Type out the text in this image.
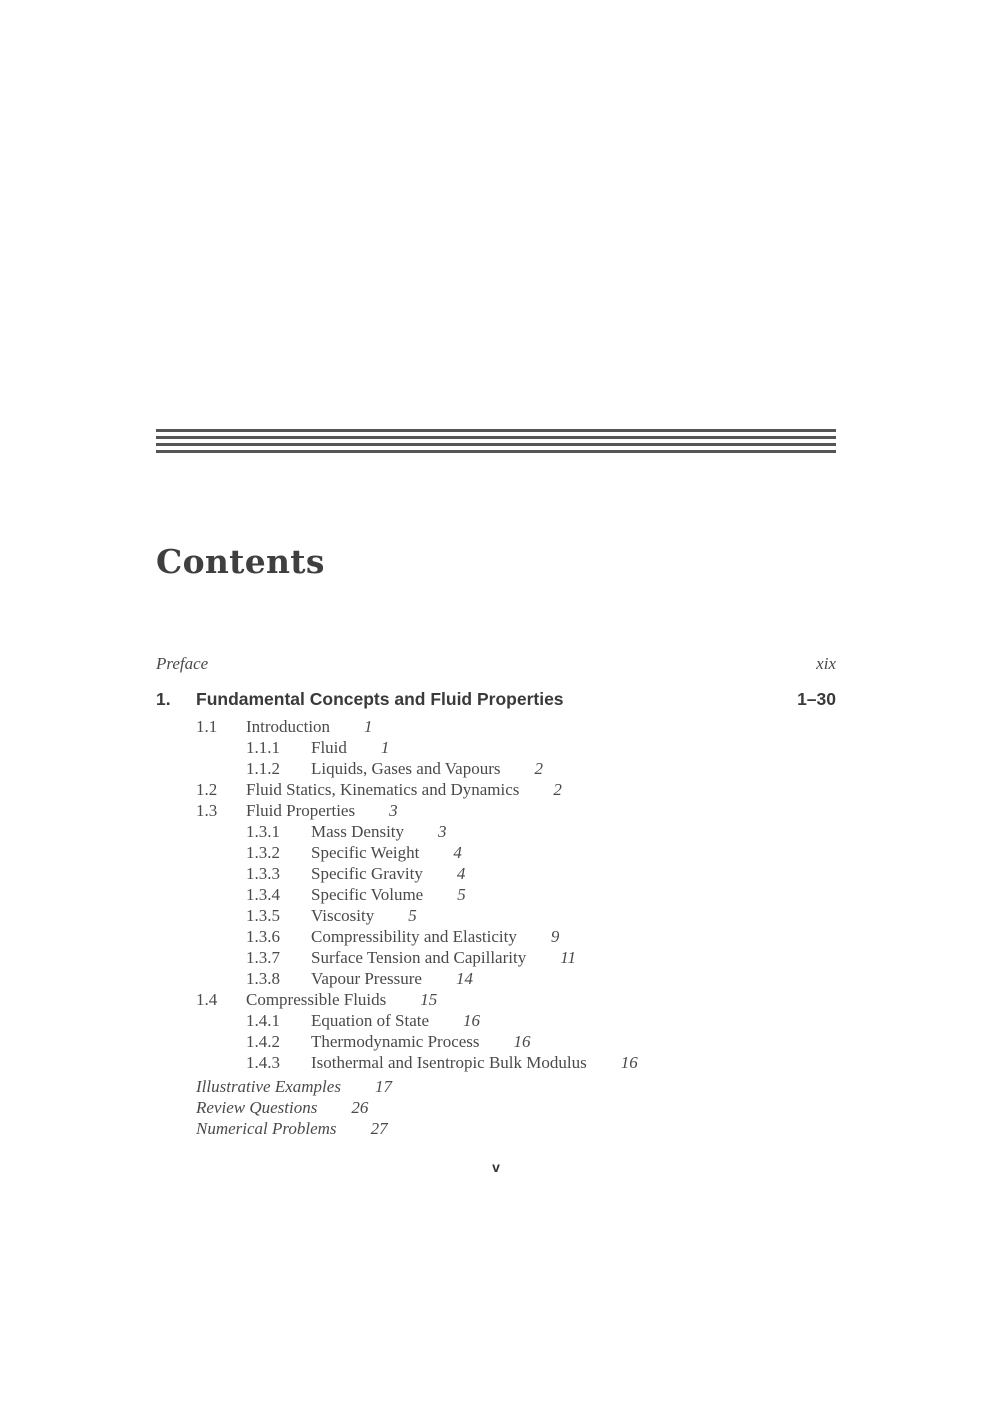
Contents
Preface	xix
1. Fundamental Concepts and Fluid Properties	1–30
1.1 Introduction 1
1.1.1 Fluid 1
1.1.2 Liquids, Gases and Vapours 2
1.2 Fluid Statics, Kinematics and Dynamics 2
1.3 Fluid Properties 3
1.3.1 Mass Density 3
1.3.2 Specific Weight 4
1.3.3 Specific Gravity 4
1.3.4 Specific Volume 5
1.3.5 Viscosity 5
1.3.6 Compressibility and Elasticity 9
1.3.7 Surface Tension and Capillarity 11
1.3.8 Vapour Pressure 14
1.4 Compressible Fluids 15
1.4.1 Equation of State 16
1.4.2 Thermodynamic Process 16
1.4.3 Isothermal and Isentropic Bulk Modulus 16
Illustrative Examples 17
Review Questions 26
Numerical Problems 27
v
